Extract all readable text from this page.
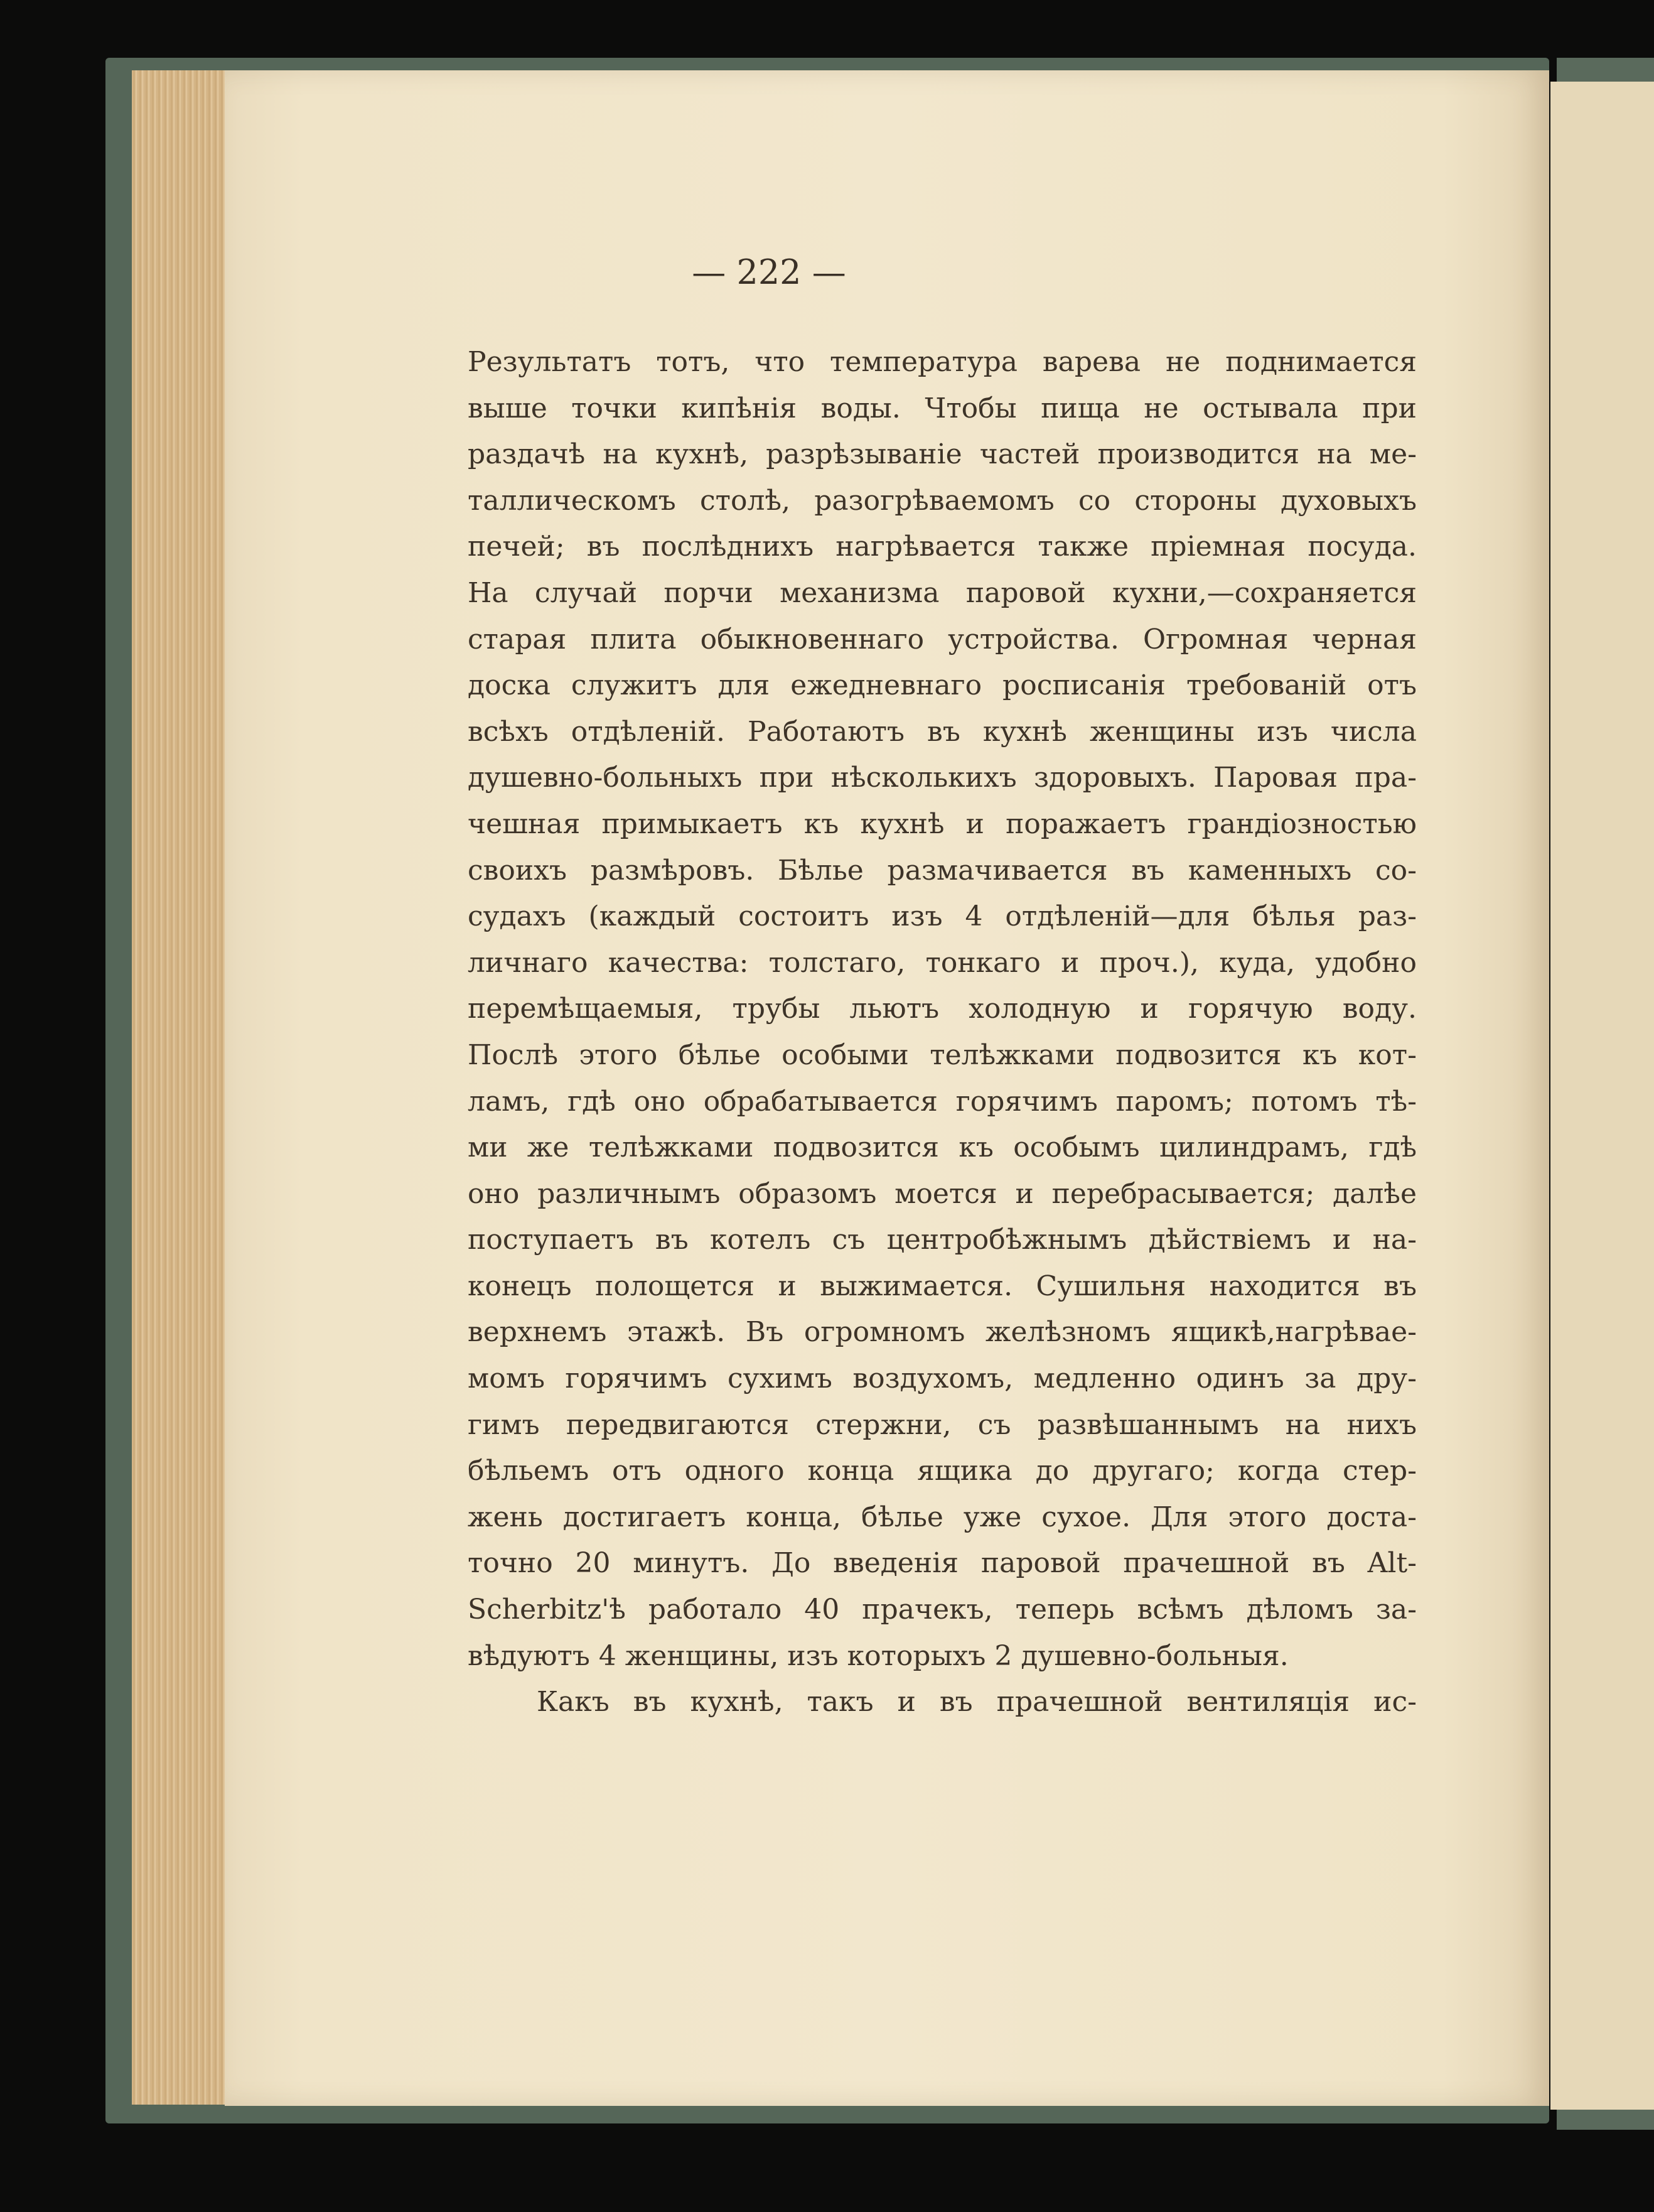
— 222 —
Результатъ тотъ, что температура варева не поднимается
выше точки кипѣнія воды. Чтобы пища не остывала при
раздачѣ на кухнѣ, разрѣзываніе частей производится на ме-
таллическомъ столѣ, разогрѣваемомъ со стороны духовыхъ
печей; въ послѣднихъ нагрѣвается также пріемная посуда.
На случай порчи механизма паровой кухни,—сохраняется
старая плита обыкновеннаго устройства. Огромная черная
доска служитъ для ежедневнаго росписанія требованій отъ
всѣхъ отдѣленій. Работаютъ въ кухнѣ женщины изъ числа
душевно-больныхъ при нѣсколькихъ здоровыхъ. Паровая пра-
чешная примыкаетъ къ кухнѣ и поражаетъ грандіозностью
своихъ размѣровъ. Бѣлье размачивается въ каменныхъ со-
судахъ (каждый состоитъ изъ 4 отдѣленій—для бѣлья раз-
личнаго качества: толстаго, тонкаго и проч.), куда, удобно
перемѣщаемыя, трубы льютъ холодную и горячую воду.
Послѣ этого бѣлье особыми телѣжками подвозится къ кот-
ламъ, гдѣ оно обрабатывается горячимъ паромъ; потомъ тѣ-
ми же телѣжками подвозится къ особымъ цилиндрамъ, гдѣ
оно различнымъ образомъ моется и перебрасывается; далѣе
поступаетъ въ котелъ съ центробѣжнымъ дѣйствіемъ и на-
конецъ полощется и выжимается. Сушильня находится въ
верхнемъ этажѣ. Въ огромномъ желѣзномъ ящикѣ,нагрѣвае-
момъ горячимъ сухимъ воздухомъ, медленно одинъ за дру-
гимъ передвигаются стержни, съ развѣшаннымъ на нихъ
бѣльемъ отъ одного конца ящика до другаго; когда стер-
жень достигаетъ конца, бѣлье уже сухое. Для этого доста-
точно 20 минутъ. До введенія паровой прачешной въ Alt-
Scherbitz'ѣ работало 40 прачекъ, теперь всѣмъ дѣломъ за-
вѣдуютъ 4 женщины, изъ которыхъ 2 душевно-больныя.
Какъ въ кухнѣ, такъ и въ прачешной вентиляція ис-
